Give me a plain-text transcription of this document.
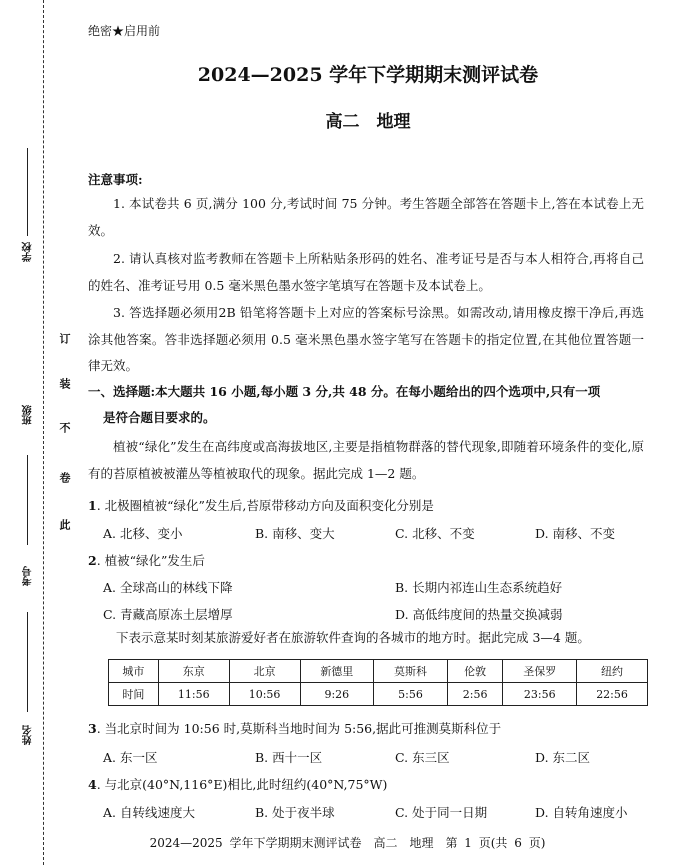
学校
班级
考号
姓名
订
装
不
卷
此
绝密★启用前
2024—2025 学年下学期期末测评试卷
高二　地理
注意事项:
1. 本试卷共 6 页,满分 100 分,考试时间 75 分钟。考生答题全部答在答题卡上,答在本试卷上无效。
2. 请认真核对监考教师在答题卡上所粘贴条形码的姓名、准考证号是否与本人相符合,再将自己的姓名、准考证号用 0.5 毫米黑色墨水签字笔填写在答题卡及本试卷上。
3. 答选择题必须用2B 铅笔将答题卡上对应的答案标号涂黑。如需改动,请用橡皮擦干净后,再选涂其他答案。答非选择题必须用 0.5 毫米黑色墨水签字笔写在答题卡的指定位置,在其他位置答题一律无效。
一、选择题:本大题共 16 小题,每小题 3 分,共 48 分。在每小题给出的四个选项中,只有一项
是符合题目要求的。
植被“绿化”发生在高纬度或高海拔地区,主要是指植物群落的替代现象,即随着环境条件的变化,原有的苔原植被被灌丛等植被取代的现象。据此完成 1—2 题。
1. 北极圈植被“绿化”发生后,苔原带移动方向及面积变化分别是
A. 北移、变小	B. 南移、变大	C. 北移、不变	D. 南移、不变
2. 植被“绿化”发生后
A. 全球高山的林线下降	B. 长期内祁连山生态系统趋好
C. 青藏高原冻土层增厚	D. 高低纬度间的热量交换减弱
下表示意某时刻某旅游爱好者在旅游软件查询的各城市的地方时。据此完成 3—4 题。
城市	东京	北京	新德里	莫斯科	伦敦	圣保罗	纽约
时间	11:56	10:56	9:26	5:56	2:56	23:56	22:56
3. 当北京时间为 10:56 时,莫斯科当地时间为 5:56,据此可推测莫斯科位于
A. 东一区	B. 西十一区	C. 东三区	D. 东二区
4. 与北京(40°N,116°E)相比,此时纽约(40°N,75°W)
A. 自转线速度大	B. 处于夜半球	C. 处于同一日期	D. 自转角速度小
2024—2025 学年下学期期末测评试卷　高二　地理　第 1 页(共 6 页)
